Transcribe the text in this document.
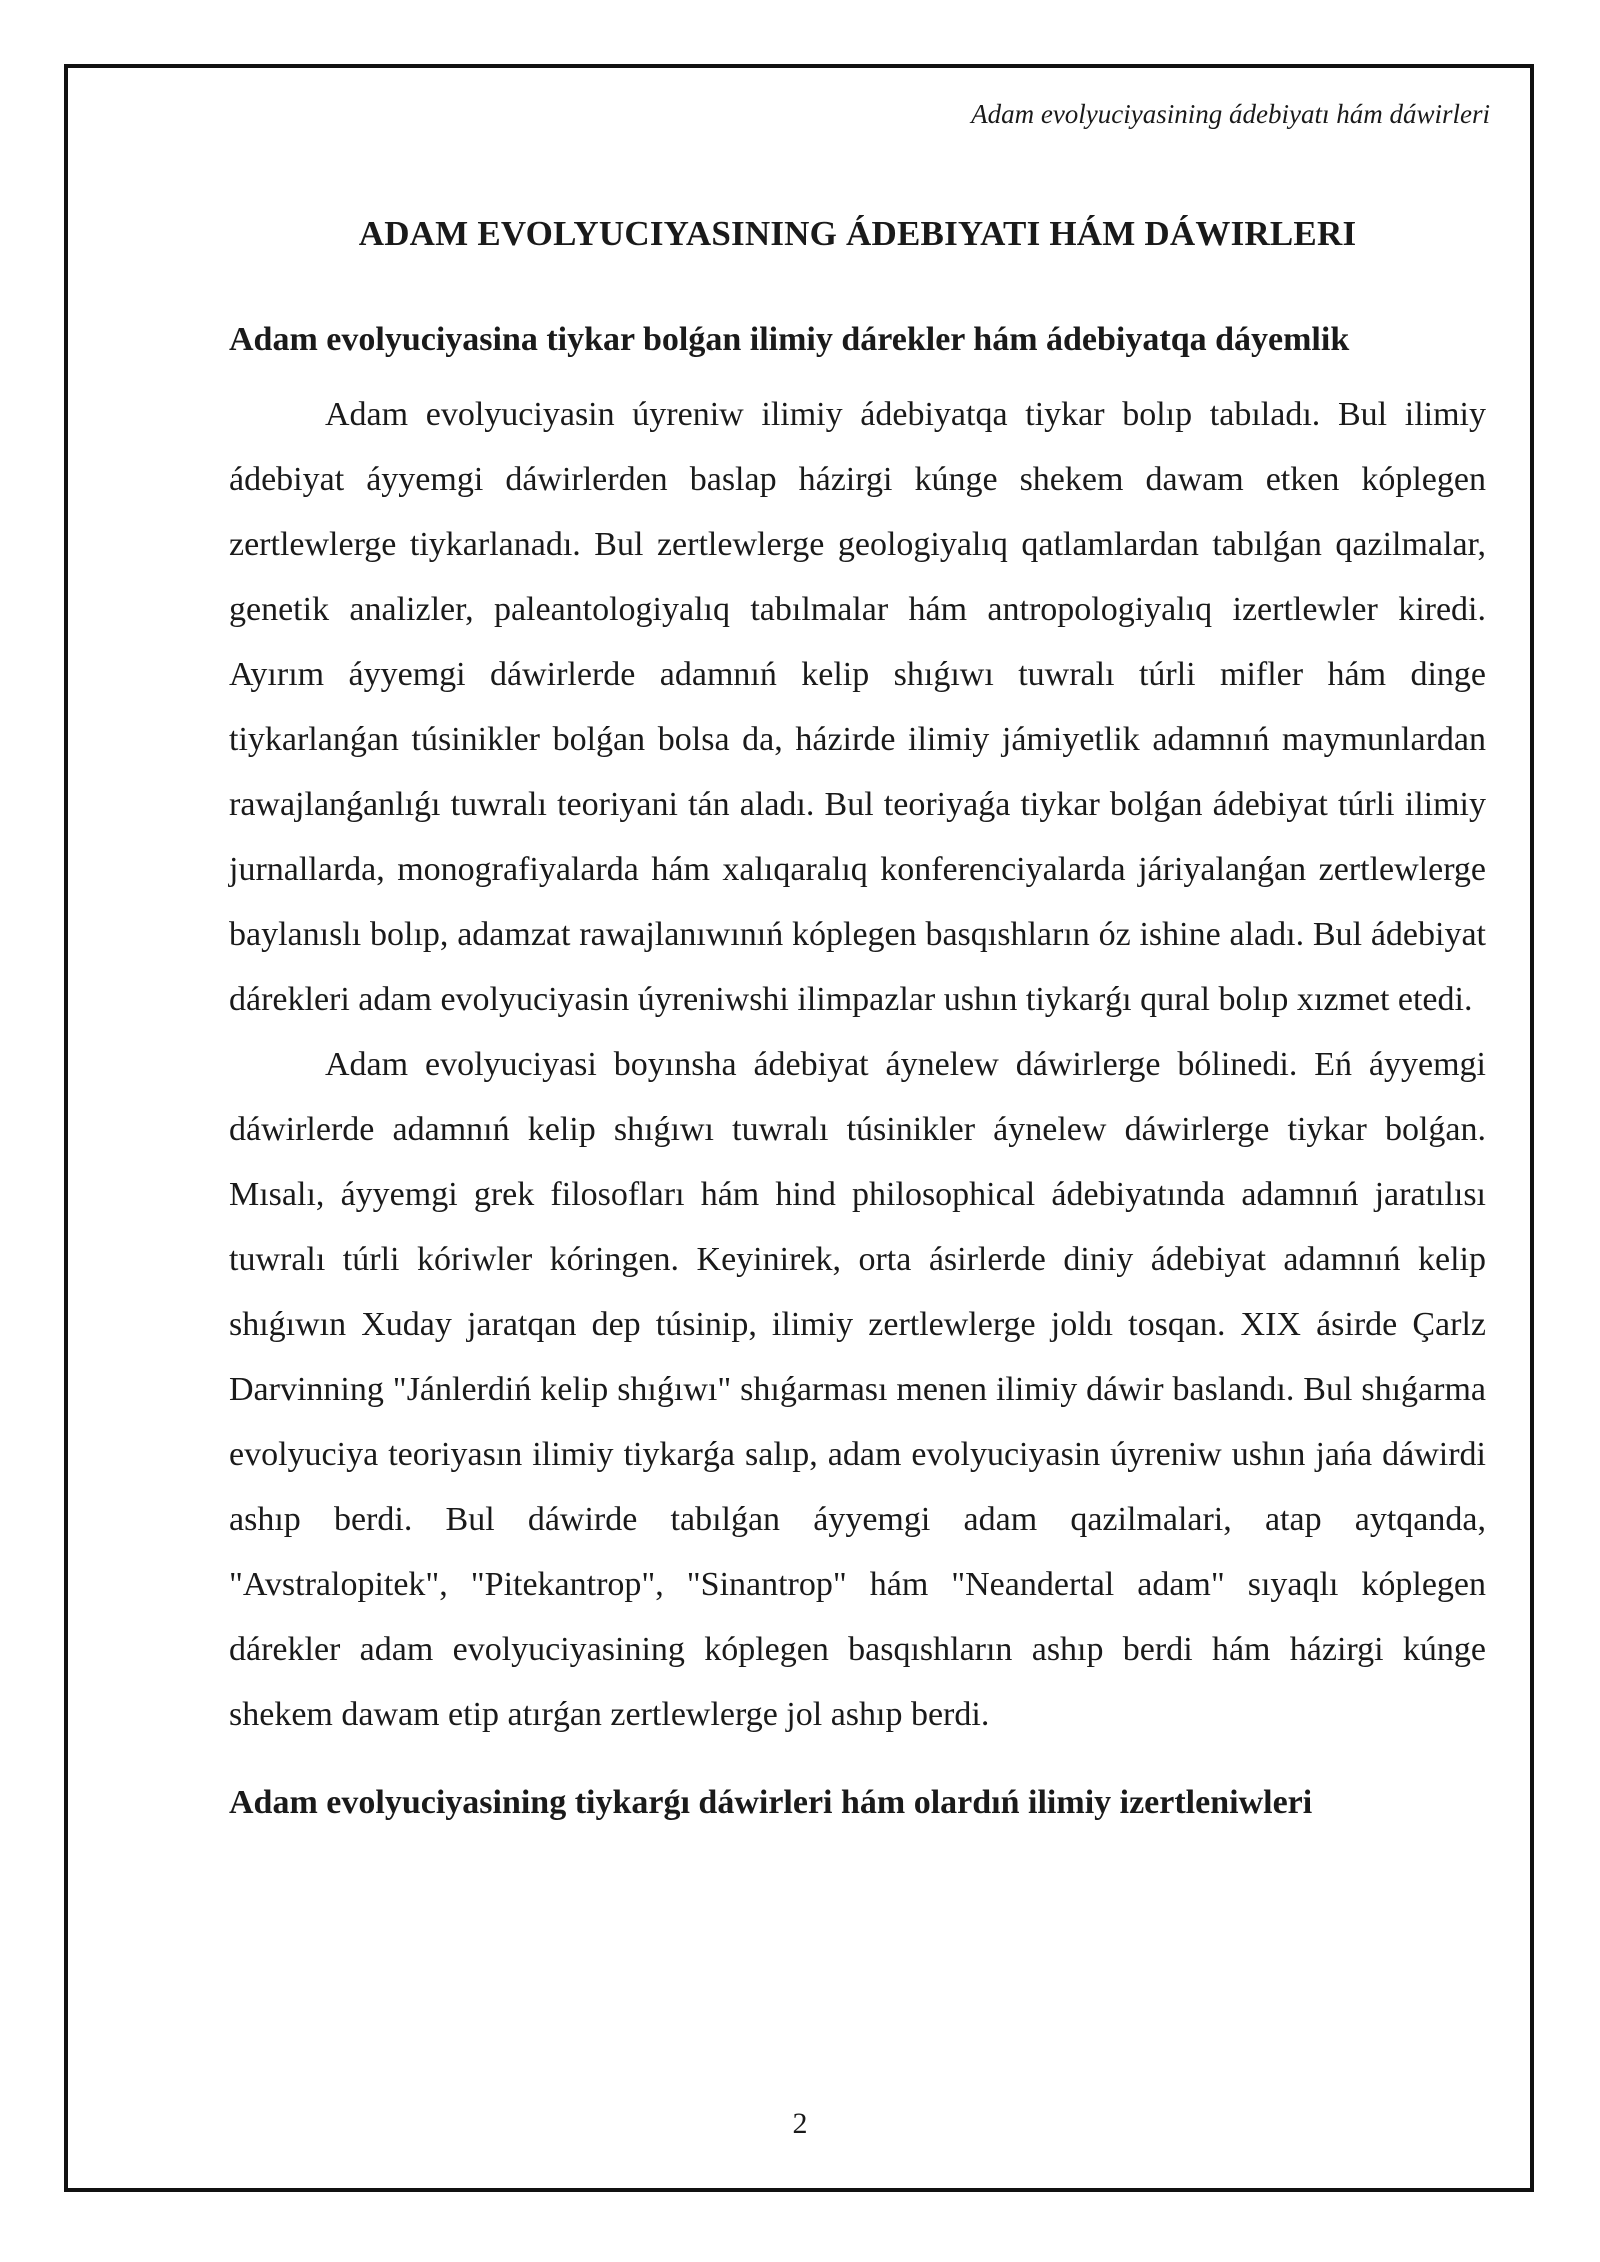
Adam evolyuciyasining ádebiyatı hám dáwirleri
ADAM EVOLYUCIYASINING ÁDEBIYATI HÁM DÁWIRLERI
Adam evolyuciyasina tiykar bolǵan ilimiy dárekler hám ádebiyatqa dáyemlik

Adam evolyuciyasin úyreniw ilimiy ádebiyatqa tiykar bolıp tabıladı. Bul ilimiy ádebiyat áyyemgi dáwirlerden baslap házirgi kúnge shekem dawam etken kóplegen zertlewlerge tiykarlanadı. Bul zertlewlerge geologiyalıq qatlamlardan tabılǵan qazilmalar, genetik analizler, paleantologiyalıq tabılmalar hám antropologiyalıq izertlewler kiredi. Ayırım áyyemgi dáwirlerde adamnıń kelip shıǵıwı tuwralı túrli mifler hám dinge tiykarlanǵan túsinikler bolǵan bolsa da, házirde ilimiy jámiyetlik adamnıń maymunlardan rawajlanǵanlıǵı tuwralı teoriyani tán aladı. Bul teoriyaǵa tiykar bolǵan ádebiyat túrli ilimiy jurnallarda, monografiyalarda hám xalıqaralıq konferenciyalarda járiyalanǵan zertlewlerge baylanıslı bolıp, adamzat rawajlanıwınıń kóplegen basqıshların óz ishine aladı. Bul ádebiyat dárekleri adam evolyuciyasin úyreniwshi ilimpazlar ushın tiykarǵı qural bolıp xızmet etedi.

Adam evolyuciyasi boyınsha ádebiyat áynelew dáwirlerge bólinedi. Eń áyyemgi dáwirlerde adamnıń kelip shıǵıwı tuwralı túsinikler áynelew dáwirlerge tiykar bolǵan. Mısalı, áyyemgi grek filosofları hám hind philosophical ádebiyatında adamnıń jaratılısı tuwralı túrli kóriwler kóringen. Keyinirek, orta ásirlerde diniy ádebiyat adamnıń kelip shıǵıwın Xuday jaratqan dep túsinip, ilimiy zertlewlerge joldı tosqan. XIX ásirde Çarlz Darvinning "Jánlerdiń kelip shıǵıwı" shıǵarması menen ilimiy dáwir baslandı. Bul shıǵarma evolyuciya teoriyasın ilimiy tiykarǵa salıp, adam evolyuciyasin úyreniw ushın jańa dáwirdi ashıp berdi. Bul dáwirde tabılǵan áyyemgi adam qazilmalari, atap aytqanda, "Avstralopitek", "Pitekantrop", "Sinantrop" hám "Neandertal adam" sıyaqlı kóplegen dárekler adam evolyuciyasining kóplegen basqıshların ashıp berdi hám házirgi kúnge shekem dawam etip atırǵan zertlewlerge jol ashıp berdi.

Adam evolyuciyasining tiykarǵı dáwirleri hám olardıń ilimiy izertleniwleri
2
